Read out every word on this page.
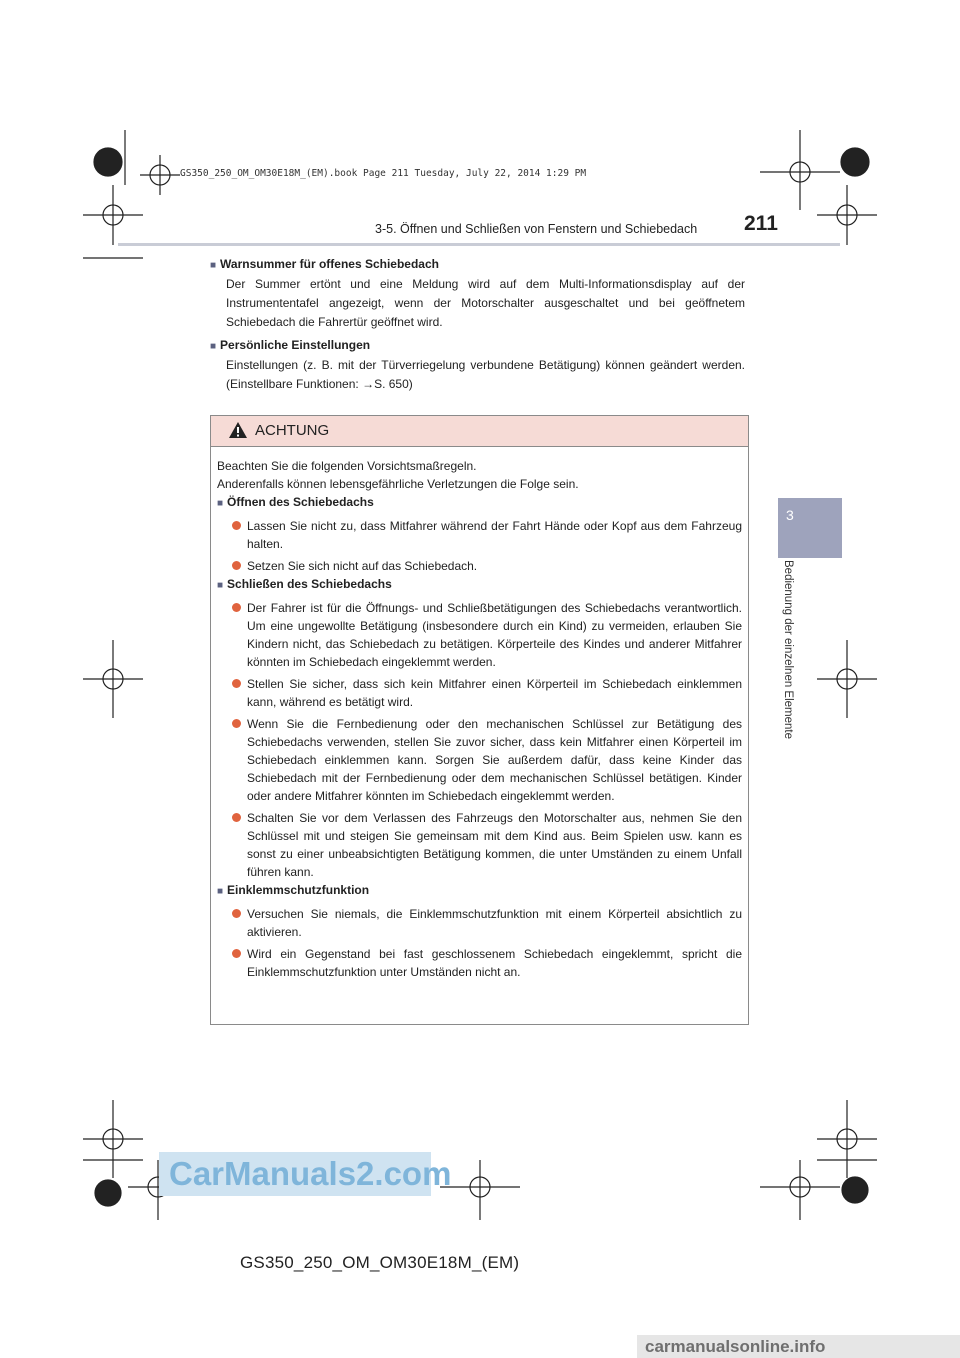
GS350_250_OM_OM30E18M_(EM).book Page 211 Tuesday, July 22, 2014 1:29 PM
3-5. Öffnen und Schließen von Fenstern und Schiebedach 211
3
Bedienung der einzelnen Elemente
■ Warnsummer für offenes Schiebedach
Der Summer ertönt und eine Meldung wird auf dem Multi-Informationsdisplay auf der Instrumententafel angezeigt, wenn der Motorschalter ausgeschaltet und bei geöffnetem Schiebedach die Fahrertür geöffnet wird.
■ Persönliche Einstellungen
Einstellungen (z. B. mit der Türverriegelung verbundene Betätigung) können geändert werden. (Einstellbare Funktionen: →S. 650)
ACHTUNG

Beachten Sie die folgenden Vorsichtsmaßregeln.

Anderenfalls können lebensgefährliche Verletzungen die Folge sein.

■ Öffnen des Schiebedachs

Lassen Sie nicht zu, dass Mitfahrer während der Fahrt Hände oder Kopf aus dem Fahrzeug halten.
Setzen Sie sich nicht auf das Schiebedach.

■ Schließen des Schiebedachs

Der Fahrer ist für die Öffnungs- und Schließbetätigungen des Schiebedachs verantwortlich. Um eine ungewollte Betätigung (insbesondere durch ein Kind) zu vermeiden, erlauben Sie Kindern nicht, das Schiebedach zu betätigen. Körperteile des Kindes und anderer Mitfahrer könnten im Schiebedach eingeklemmt werden.
Stellen Sie sicher, dass sich kein Mitfahrer einen Körperteil im Schiebedach einklemmen kann, während es betätigt wird.
Wenn Sie die Fernbedienung oder den mechanischen Schlüssel zur Betätigung des Schiebedachs verwenden, stellen Sie zuvor sicher, dass kein Mitfahrer einen Körperteil im Schiebedach einklemmen kann. Sorgen Sie außerdem dafür, dass keine Kinder das Schiebedach mit der Fernbedienung oder dem mechanischen Schlüssel betätigen. Kinder oder andere Mitfahrer könnten im Schiebedach eingeklemmt werden.
Schalten Sie vor dem Verlassen des Fahrzeugs den Motorschalter aus, nehmen Sie den Schlüssel mit und steigen Sie gemeinsam mit dem Kind aus. Beim Spielen usw. kann es sonst zu einer unbeabsichtigten Betätigung kommen, die unter Umständen zu einem Unfall führen kann.

■ Einklemmschutzfunktion

Versuchen Sie niemals, die Einklemmschutzfunktion mit einem Körperteil absichtlich zu aktivieren.
Wird ein Gegenstand bei fast geschlossenem Schiebedach eingeklemmt, spricht die Einklemmschutzfunktion unter Umständen nicht an.
CarManuals2.com
GS350_250_OM_OM30E18M_(EM)
carmanualsonline.info
